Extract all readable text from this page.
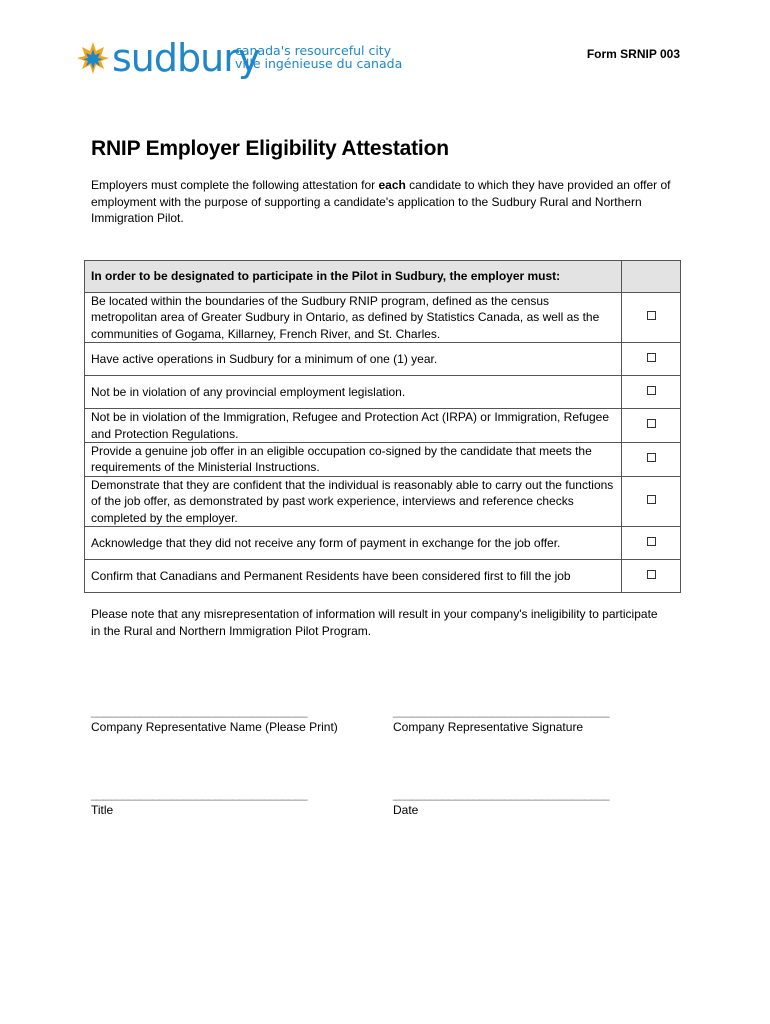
sudbury
canada's resourceful city
ville ingénieuse du canada
Form SRNIP 003
RNIP Employer Eligibility Attestation

Employers must complete the following attestation for each candidate to which they have provided an offer of employment with the purpose of supporting a candidate's application to the Sudbury Rural and Northern Immigration Pilot.

In order to be designated to participate in the Pilot in Sudbury, the employer must:	
Be located within the boundaries of the Sudbury RNIP program, defined as the census metropolitan area of Greater Sudbury in Ontario, as defined by Statistics Canada, as well as the communities of Gogama, Killarney, French River, and St. Charles.	
Have active operations in Sudbury for a minimum of one (1) year.	
Not be in violation of any provincial employment legislation.	
Not be in violation of the Immigration, Refugee and Protection Act (IRPA) or Immigration, Refugee and Protection Regulations.	
Provide a genuine job offer in an eligible occupation co-signed by the candidate that meets the requirements of the Ministerial Instructions.	
Demonstrate that they are confident that the individual is reasonably able to carry out the functions of the job offer, as demonstrated by past work experience, interviews and reference checks completed by the employer.	
Acknowledge that they did not receive any form of payment in exchange for the job offer.	
Confirm that Canadians and Permanent Residents have been considered first to fill the job	

Please note that any misrepresentation of information will result in your company's ineligibility to participate in the Rural and Northern Immigration Pilot Program.

___________________________________
Company Representative Name (Please Print)
___________________________________
Company Representative Signature
___________________________________
Title
___________________________________
Date
